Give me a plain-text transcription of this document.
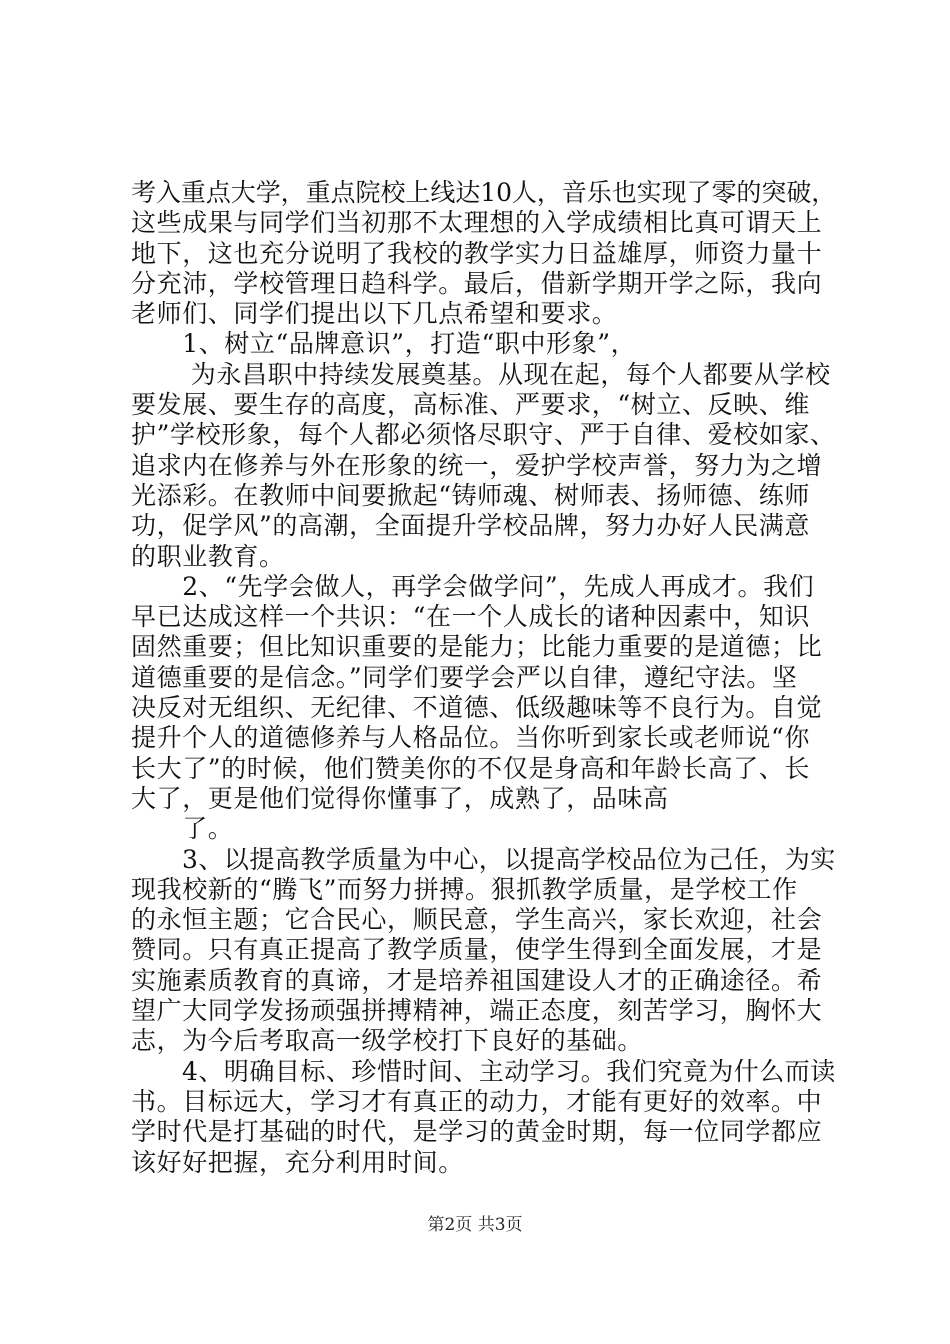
考入重点大学，重点院校上线达10人，音乐也实现了零的突破，
这些成果与同学们当初那不太理想的入学成绩相比真可谓天上
地下，这也充分说明了我校的教学实力日益雄厚，师资力量十
分充沛，学校管理日趋科学。最后，借新学期开学之际，我向
老师们、同学们提出以下几点希望和要求。
　　1、树立“品牌意识”，打造“职中形象”，
　　 为永昌职中持续发展奠基。从现在起，每个人都要从学校
要发展、要生存的高度，高标准、严要求，“树立、反映、维
护”学校形象，每个人都必须恪尽职守、严于自律、爱校如家、
追求内在修养与外在形象的统一，爱护学校声誉，努力为之增
光添彩。在教师中间要掀起“铸师魂、树师表、扬师德、练师
功，促学风”的高潮，全面提升学校品牌，努力办好人民满意
的职业教育。
　　2、“先学会做人，再学会做学问”，先成人再成才。我们
早已达成这样一个共识：“在一个人成长的诸种因素中，知识
固然重要；但比知识重要的是能力；比能力重要的是道德；比
道德重要的是信念。”同学们要学会严以自律，遵纪守法。坚
决反对无组织、无纪律、不道德、低级趣味等不良行为。自觉
提升个人的道德修养与人格品位。当你听到家长或老师说“你
长大了”的时候，他们赞美你的不仅是身高和年龄长高了、长
大了，更是他们觉得你懂事了，成熟了，品味高
　　了。
　　3、以提高教学质量为中心，以提高学校品位为己任，为实
现我校新的“腾飞”而努力拼搏。狠抓教学质量，是学校工作
的永恒主题；它合民心，顺民意，学生高兴，家长欢迎，社会
赞同。只有真正提高了教学质量，使学生得到全面发展，才是
实施素质教育的真谛，才是培养祖国建设人才的正确途径。希
望广大同学发扬顽强拼搏精神，端正态度，刻苦学习，胸怀大
志，为今后考取高一级学校打下良好的基础。
　　4、明确目标、珍惜时间、主动学习。我们究竟为什么而读
书。目标远大，学习才有真正的动力，才能有更好的效率。中
学时代是打基础的时代，是学习的黄金时期，每一位同学都应
该好好把握，充分利用时间。
第2页 共3页
